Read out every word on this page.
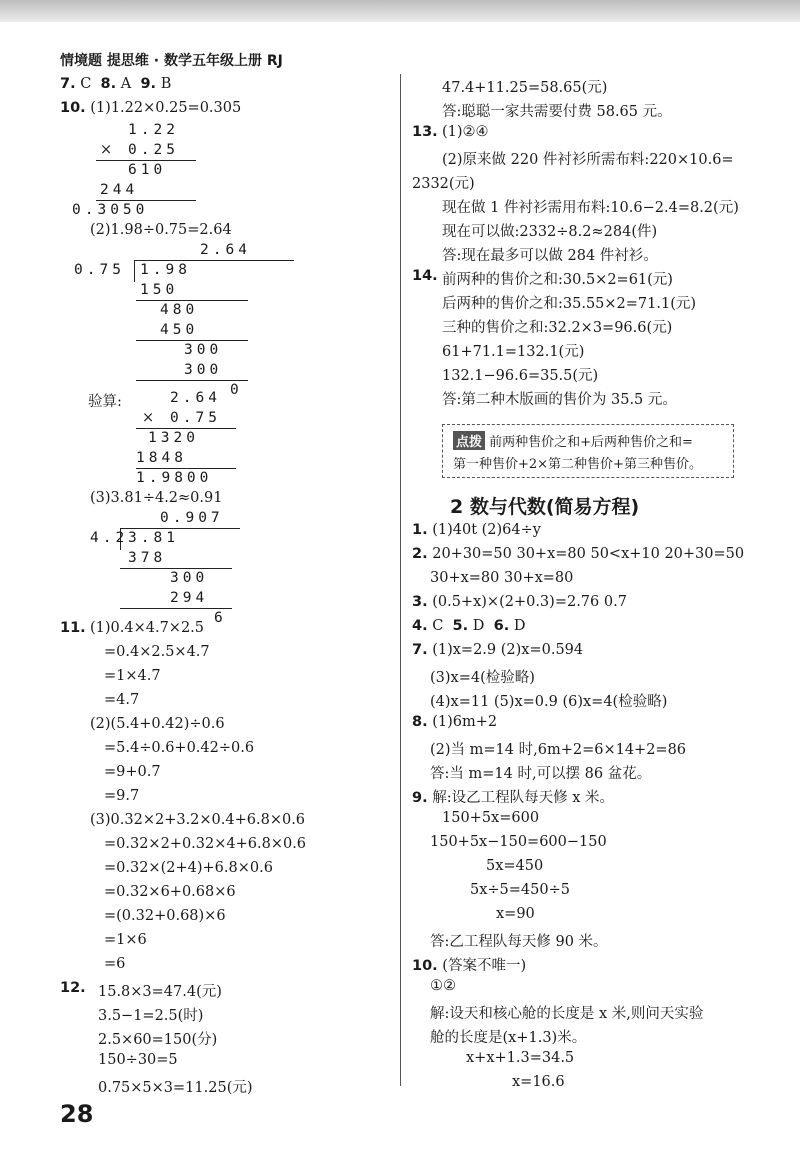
情境题 提思维 · 数学五年级上册 RJ
7. C 8. A 9. B
10. (1)1.22×0.25=0.305
1.22
× 0.25
610
244
0.3050
(2)1.98÷0.75=2.64
2.64
0.75 1.98
150
480
450
300
300
0
验算:	2.64
× 0.75
1320
1848
1.9800
(3)3.81÷4.2≈0.91
0.907
4.2 3.81
378
300
294
6
11. (1)0.4×4.7×2.5
=0.4×2.5×4.7
=1×4.7
=4.7
(2)(5.4+0.42)÷0.6
=5.4÷0.6+0.42÷0.6
=9+0.7
=9.7
(3)0.32×2+3.2×0.4+6.8×0.6
=0.32×2+0.32×4+6.8×0.6
=0.32×(2+4)+6.8×0.6
=0.32×6+0.68×6
=(0.32+0.68)×6
=1×6
=6
12. 15.8×3=47.4(元)
3.5−1=2.5(时)
2.5×60=150(分)
150÷30=5
0.75×5×3=11.25(元)
47.4+11.25=58.65(元)
答:聪聪一家共需要付费 58.65 元。
13. (1)②④
(2)原来做 220 件衬衫所需布料:220×10.6=
2332(元)
现在做 1 件衬衫需用布料:10.6−2.4=8.2(元)
现在可以做:2332÷8.2≈284(件)
答:现在最多可以做 284 件衬衫。
14. 前两种的售价之和:30.5×2=61(元)
后两种的售价之和:35.55×2=71.1(元)
三种的售价之和:32.2×3=96.6(元)
61+71.1=132.1(元)
132.1−96.6=35.5(元)
答:第二种木版画的售价为 35.5 元。
点拨 前两种售价之和+后两种售价之和=
第一种售价+2×第二种售价+第三种售价。
2 数与代数(简易方程)
1. (1)40t (2)64÷y
2. 20+30=50 30+x=80 50<x+10 20+30=50
30+x=80 30+x=80
3. (0.5+x)×(2+0.3)=2.76 0.7
4. C 5. D 6. D
7. (1)x=2.9 (2)x=0.594
(3)x=4(检验略)
(4)x=11 (5)x=0.9 (6)x=4(检验略)
8. (1)6m+2
(2)当 m=14 时,6m+2=6×14+2=86
答:当 m=14 时,可以摆 86 盆花。
9. 解:设乙工程队每天修 x 米。
150+5x=600
150+5x−150=600−150
5x=450
5x÷5=450÷5
x=90
答:乙工程队每天修 90 米。
10. (答案不唯一)
①②
解:设天和核心舱的长度是 x 米,则问天实验
舱的长度是(x+1.3)米。
x+x+1.3=34.5
x=16.6
28
